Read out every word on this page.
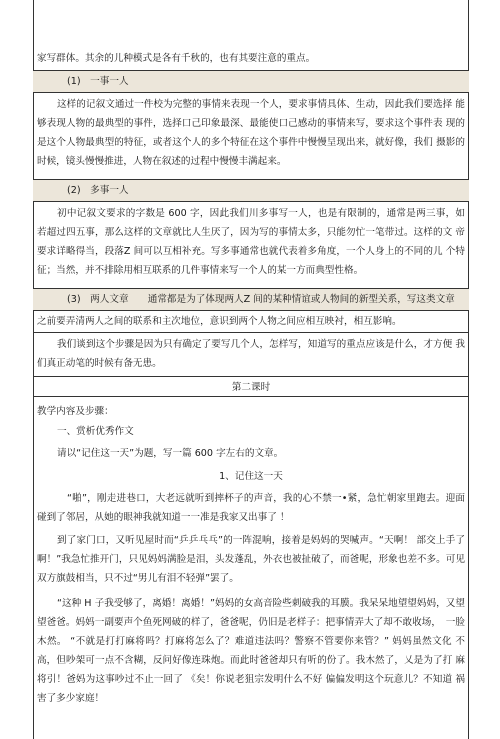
家写群体。其余的儿种模式是各有千秋的，也有其要注意的重点。
(1)　一事一人
这样的记叙文通过一件校为完整的事情来表现一个人，要求事情具体、生动，因此我们要选择 能够表现人物的最典型的事件，选择口己印象最深、最能使口己感动的事情来写，要求这个事件表 现的是这个人物最典型的特征，或者这个人的多个特征在这个事件中慢慢呈现出来，就好像，我们 摄影的时候，镜头慢慢推进，人物在叙述的过程中慢慢丰满起来。
(2)　多事一人
初中记叙文要求的字数是 600 字，因此我们川多事写一人，也是有限制的，通常是两三事，如 若超过四五事，那么这样的文章就比人生厌了，因为写的事情太多，只能勿忙一笔带过。这样的文 帝要求详略得当，段落Z 间可以互相补充。写多事通常也就代表着多角度，一个人身上的不同的儿 个特征；当然，并不排除用相互联系的几件事情来写一个人的某一方而典型性格。
(3)　两人文章　　通常都是为了体现两人Z 间的某种情谊或人物间的新型关系，写这类文章
之前要弄清两人之间的联系和主次地位，意识到两个人物之间应相互映衬，相互影响。
我们谈到这个步骤是因为只有确定了要写几个人，怎样写，知道写的重点应该是什么，才方便 我们真正动笔的时候有备无患。
第二课时
教学内容及步骤：
一、赏析优秀作文
请以“记住这一天”为题，写一篇 600 字左右的文章。
1、记住这一天
“啪”，刚走进巷口，大老远就听到摔杯子的声音，我的心不禁一•紧，急忙朝家里跑去。迎面碰到了邻居，从她的眼神我就知道一一准是我家又出事了 ！
到了家门口，又听见屋时而“乒乒乓乓”的一阵混响，接着是妈妈的哭喊声。“天啊！ 部交上手了啊！”我急忙推开门，只见妈妈满脸是泪，头发蓬乱，外衣也被扯破了，而爸呢，形象也差不多。可见双方旗鼓相当，只不过“男儿有泪不轻弹”罢了。
“这种 H 子我受够了，离婚！离婚！”妈妈的女高音险些刺破我的耳膜。我呆呆地望望妈妈，又望望爸爸。妈妈一副要声个鱼死网破的样了，爸爸呢，仍旧是老样子：把事情弄大了却不敢收场，　一脸木然。 “不就是打打麻将吗？打麻将怎么了？难道违法吗？警察不管要你来管？” 妈妈虽然文化 不高，但吵架可一点不含糊，反问好像连珠炮。而此时爸爸却只有听的份了。我木然了，乂是为了打 麻将引！爸妈为这事吵过不止一回了 《矣！你说老狙宗发明什么不好 偏偏发明这个玩意儿？不知道 祸害了多少家庭！
